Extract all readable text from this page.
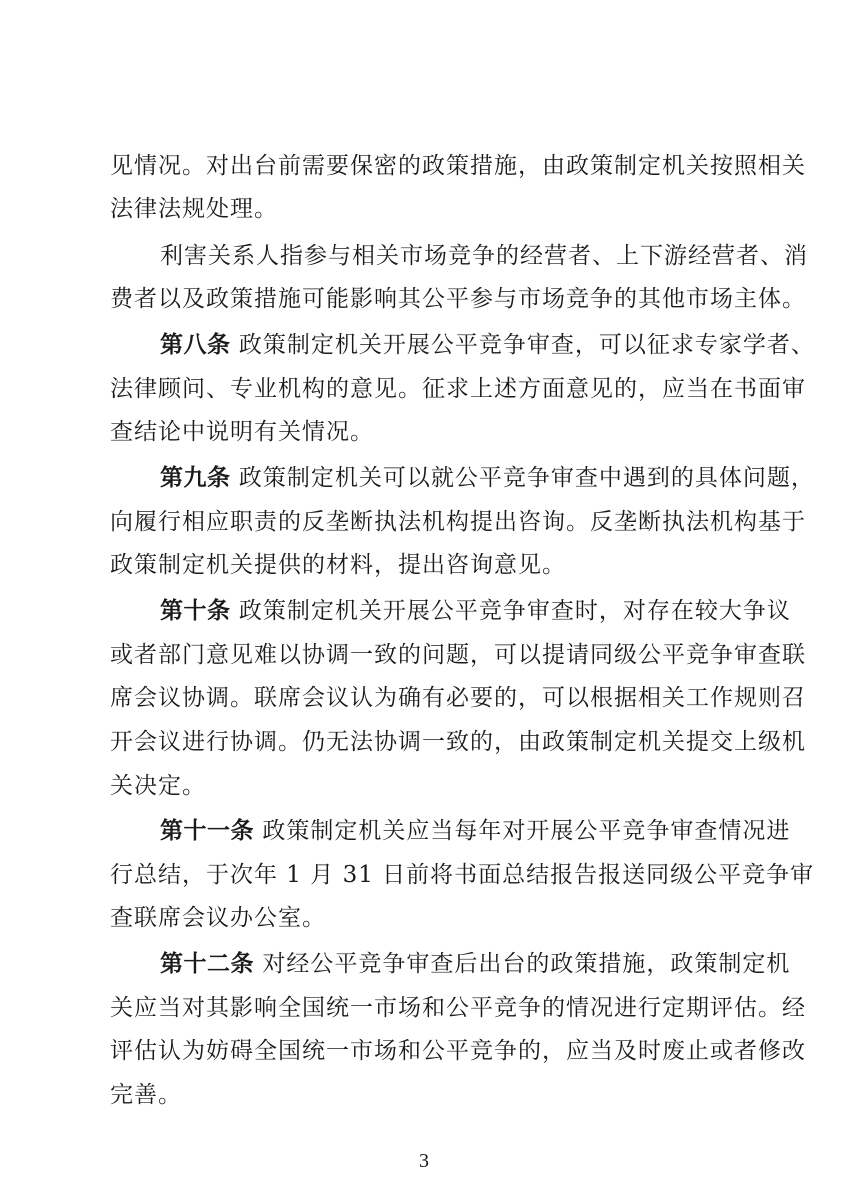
见情况。对出台前需要保密的政策措施，由政策制定机关按照相关
法律法规处理。
利害关系人指参与相关市场竞争的经营者、上下游经营者、消
费者以及政策措施可能影响其公平参与市场竞争的其他市场主体。
第八条 政策制定机关开展公平竞争审查，可以征求专家学者、
法律顾问、专业机构的意见。征求上述方面意见的，应当在书面审
查结论中说明有关情况。
第九条 政策制定机关可以就公平竞争审查中遇到的具体问题，
向履行相应职责的反垄断执法机构提出咨询。反垄断执法机构基于
政策制定机关提供的材料，提出咨询意见。
第十条 政策制定机关开展公平竞争审查时，对存在较大争议
或者部门意见难以协调一致的问题，可以提请同级公平竞争审查联
席会议协调。联席会议认为确有必要的，可以根据相关工作规则召
开会议进行协调。仍无法协调一致的，由政策制定机关提交上级机
关决定。
第十一条 政策制定机关应当每年对开展公平竞争审查情况进
行总结，于次年 1 月 31 日前将书面总结报告报送同级公平竞争审
查联席会议办公室。
第十二条 对经公平竞争审查后出台的政策措施，政策制定机
关应当对其影响全国统一市场和公平竞争的情况进行定期评估。经
评估认为妨碍全国统一市场和公平竞争的，应当及时废止或者修改
完善。
3
